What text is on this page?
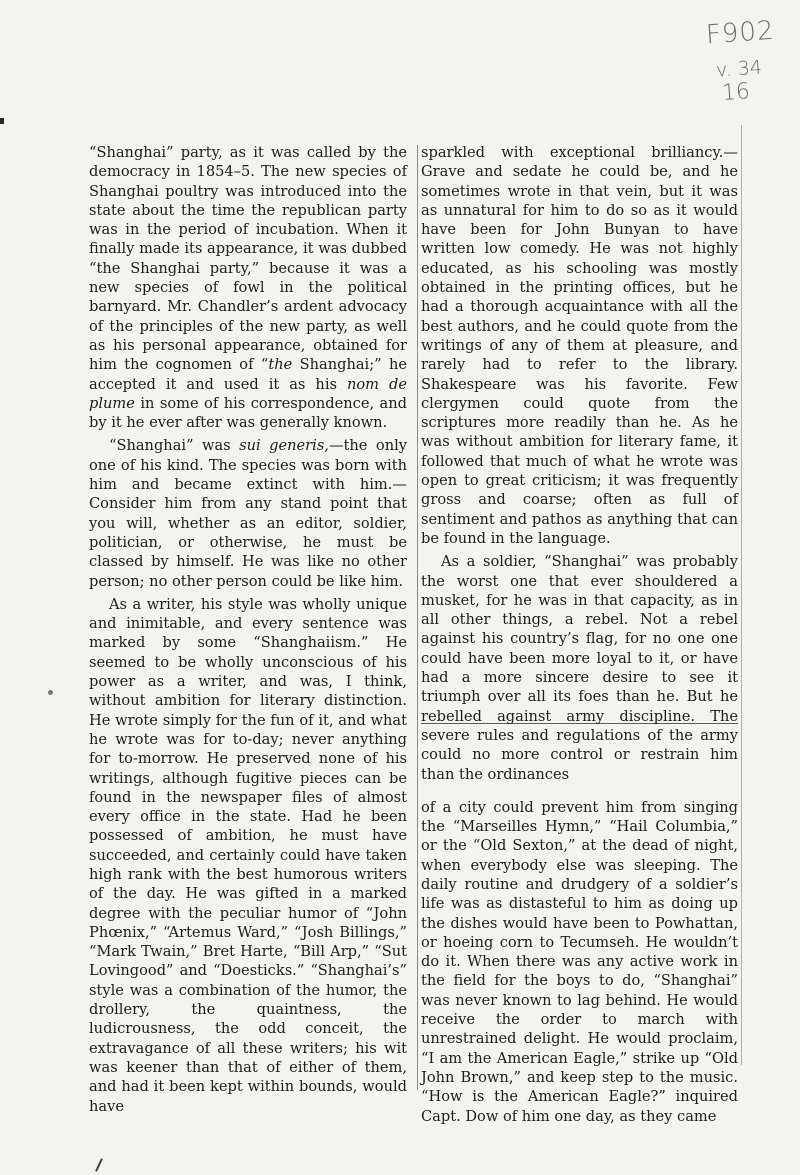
F902
v. 34
16

“Shanghai” party, as it was called by the democracy in 1854–5. The new species of Shanghai poultry was introduced into the state about the time the republican party was in the period of incubation. When it finally made its appearance, it was dubbed “the Shanghai party,” because it was a new species of fowl in the political barnyard. Mr. Chandler’s ardent advocacy of the principles of the new party, as well as his personal appearance, obtained for him the cognomen of “the Shanghai;” he accepted it and used it as his nom de plume in some of his correspondence, and by it he ever after was generally known.

“Shanghai” was sui generis,—the only one of his kind. The species was born with him and became extinct with him.—Consider him from any stand point that you will, whether as an editor, soldier, politician, or otherwise, he must be classed by himself. He was like no other person; no other person could be like him.

As a writer, his style was wholly unique and inimitable, and every sentence was marked by some “Shanghaiism.” He seemed to be wholly unconscious of his power as a writer, and was, I think, without ambition for literary distinction. He wrote simply for the fun of it, and what he wrote was for to-day; never anything for to-morrow. He preserved none of his writings, although fugitive pieces can be found in the newspaper files of almost every office in the state. Had he been possessed of ambition, he must have succeeded, and certainly could have taken high rank with the best humorous writers of the day. He was gifted in a marked degree with the peculiar humor of “John Phœnix,” “Artemus Ward,” “Josh Billings,” “Mark Twain,” Bret Harte, “Bill Arp,” “Sut Lovingood” and “Doesticks.” “Shanghai’s” style was a combination of the humor, the drollery, the quaintness, the ludicrousness, the odd conceit, the extravagance of all these writers; his wit was keener than that of either of them, and had it been kept within bounds, would have

sparkled with exceptional brilliancy.—Grave and sedate he could be, and he sometimes wrote in that vein, but it was as unnatural for him to do so as it would have been for John Bunyan to have written low comedy. He was not highly educated, as his schooling was mostly obtained in the printing offices, but he had a thorough acquaintance with all the best authors, and he could quote from the writings of any of them at pleasure, and rarely had to refer to the library. Shakespeare was his favorite. Few clergymen could quote from the scriptures more readily than he. As he was without ambition for literary fame, it followed that much of what he wrote was open to great criticism; it was frequently gross and coarse; often as full of sentiment and pathos as anything that can be found in the language.

As a soldier, “Shanghai” was probably the worst one that ever shouldered a musket, for he was in that capacity, as in all other things, a rebel. Not a rebel against his country’s flag, for no one one could have been more loyal to it, or have had a more sincere desire to see it triumph over all its foes than he. But he rebelled against army discipline. The severe rules and regulations of the army could no more control or restrain him than the ordinances

of a city could prevent him from singing the “Marseilles Hymn,” “Hail Columbia,” or the “Old Sexton,” at the dead of night, when everybody else was sleeping. The daily routine and drudgery of a soldier’s life was as distasteful to him as doing up the dishes would have been to Powhattan, or hoeing corn to Tecumseh. He wouldn’t do it. When there was any active work in the field for the boys to do, “Shanghai” was never known to lag behind. He would receive the order to march with unrestrained delight. He would proclaim, “I am the American Eagle,” strike up “Old John Brown,” and keep step to the music. “How is the American Eagle?” inquired Capt. Dow of him one day, as they came
